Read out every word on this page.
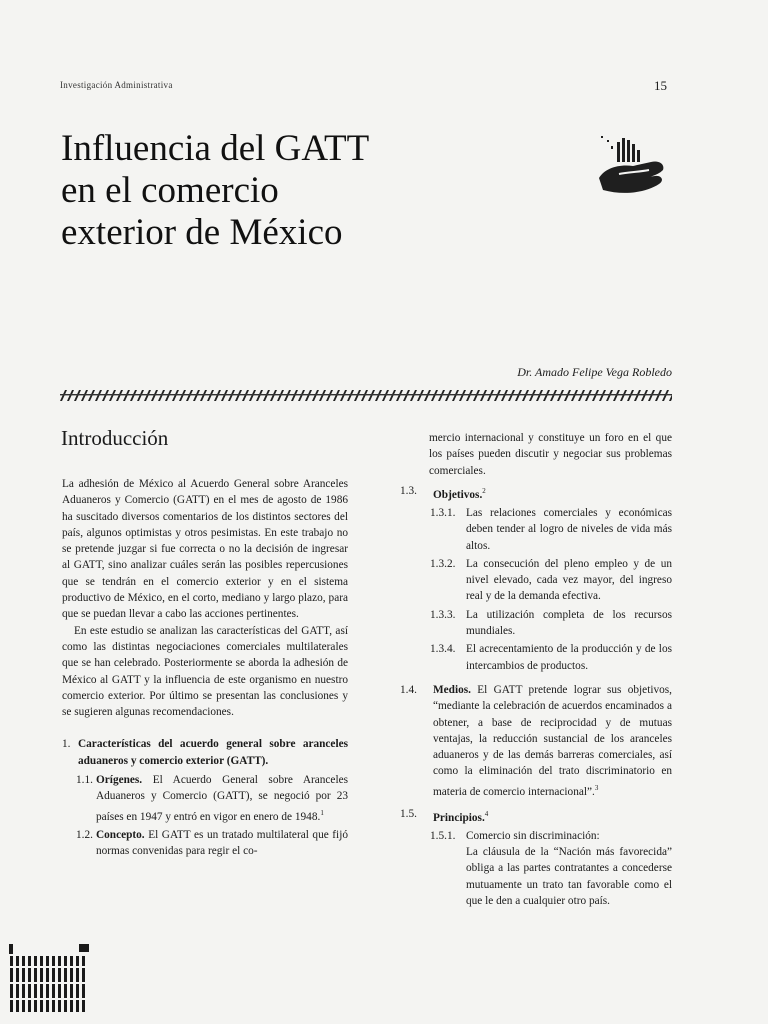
Investigación Administrativa	15
Influencia del GATT
en el comercio
exterior de México
Dr. Amado Felipe Vega Robledo
Introducción

La adhesión de México al Acuerdo General sobre Aranceles Aduaneros y Comercio (GATT) en el mes de agosto de 1986 ha suscitado diversos comentarios de los distintos sectores del país, algunos optimistas y otros pesimistas. En este trabajo no se pretende juzgar si fue correcta o no la decisión de ingresar al GATT, sino analizar cuáles serán las posibles repercusiones que se tendrán en el comercio exterior y en el sistema productivo de México, en el corto, mediano y largo plazo, para que se puedan llevar a cabo las acciones pertinentes.

En este estudio se analizan las características del GATT, así como las distintas negociaciones comerciales multilaterales que se han celebrado. Posteriormente se aborda la adhesión de México al GATT y la influencia de este organismo en nuestro comercio exterior. Por último se presentan las conclusiones y se sugieren algunas recomendaciones.

1. Características del acuerdo general sobre aranceles aduaneros y comercio exterior (GATT).
1.1. Orígenes. El Acuerdo General sobre Aranceles Aduaneros y Comercio (GATT), se negoció por 23 países en 1947 y entró en vigor en enero de 1948.$^1$
1.2. Concepto. El GATT es un tratado multilateral que fijó normas convenidas para regir el co-

mercio internacional y constituye un foro en el que los países pueden discutir y negociar sus problemas comerciales.

1.3. Objetivos.$^2$
1.3.1. Las relaciones comerciales y económicas deben tender al logro de niveles de vida más altos.
1.3.2. La consecución del pleno empleo y de un nivel elevado, cada vez mayor, del ingreso real y de la demanda efectiva.
1.3.3. La utilización completa de los recursos mundiales.
1.3.4. El acrecentamiento de la producción y de los intercambios de productos.
1.4. Medios. El GATT pretende lograr sus objetivos, “mediante la celebración de acuerdos encaminados a obtener, a base de reciprocidad y de mutuas ventajas, la reducción sustancial de los aranceles aduaneros y de las demás barreras comerciales, así como la eliminación del trato discriminatorio en materia de comercio internacional”.$^3$
1.5. Principios.$^4$
1.5.1. Comercio sin discriminación:
La cláusula de la “Nación más favorecida” obliga a las partes contratantes a concederse mutuamente un trato tan favorable como el que le den a cualquier otro país.
